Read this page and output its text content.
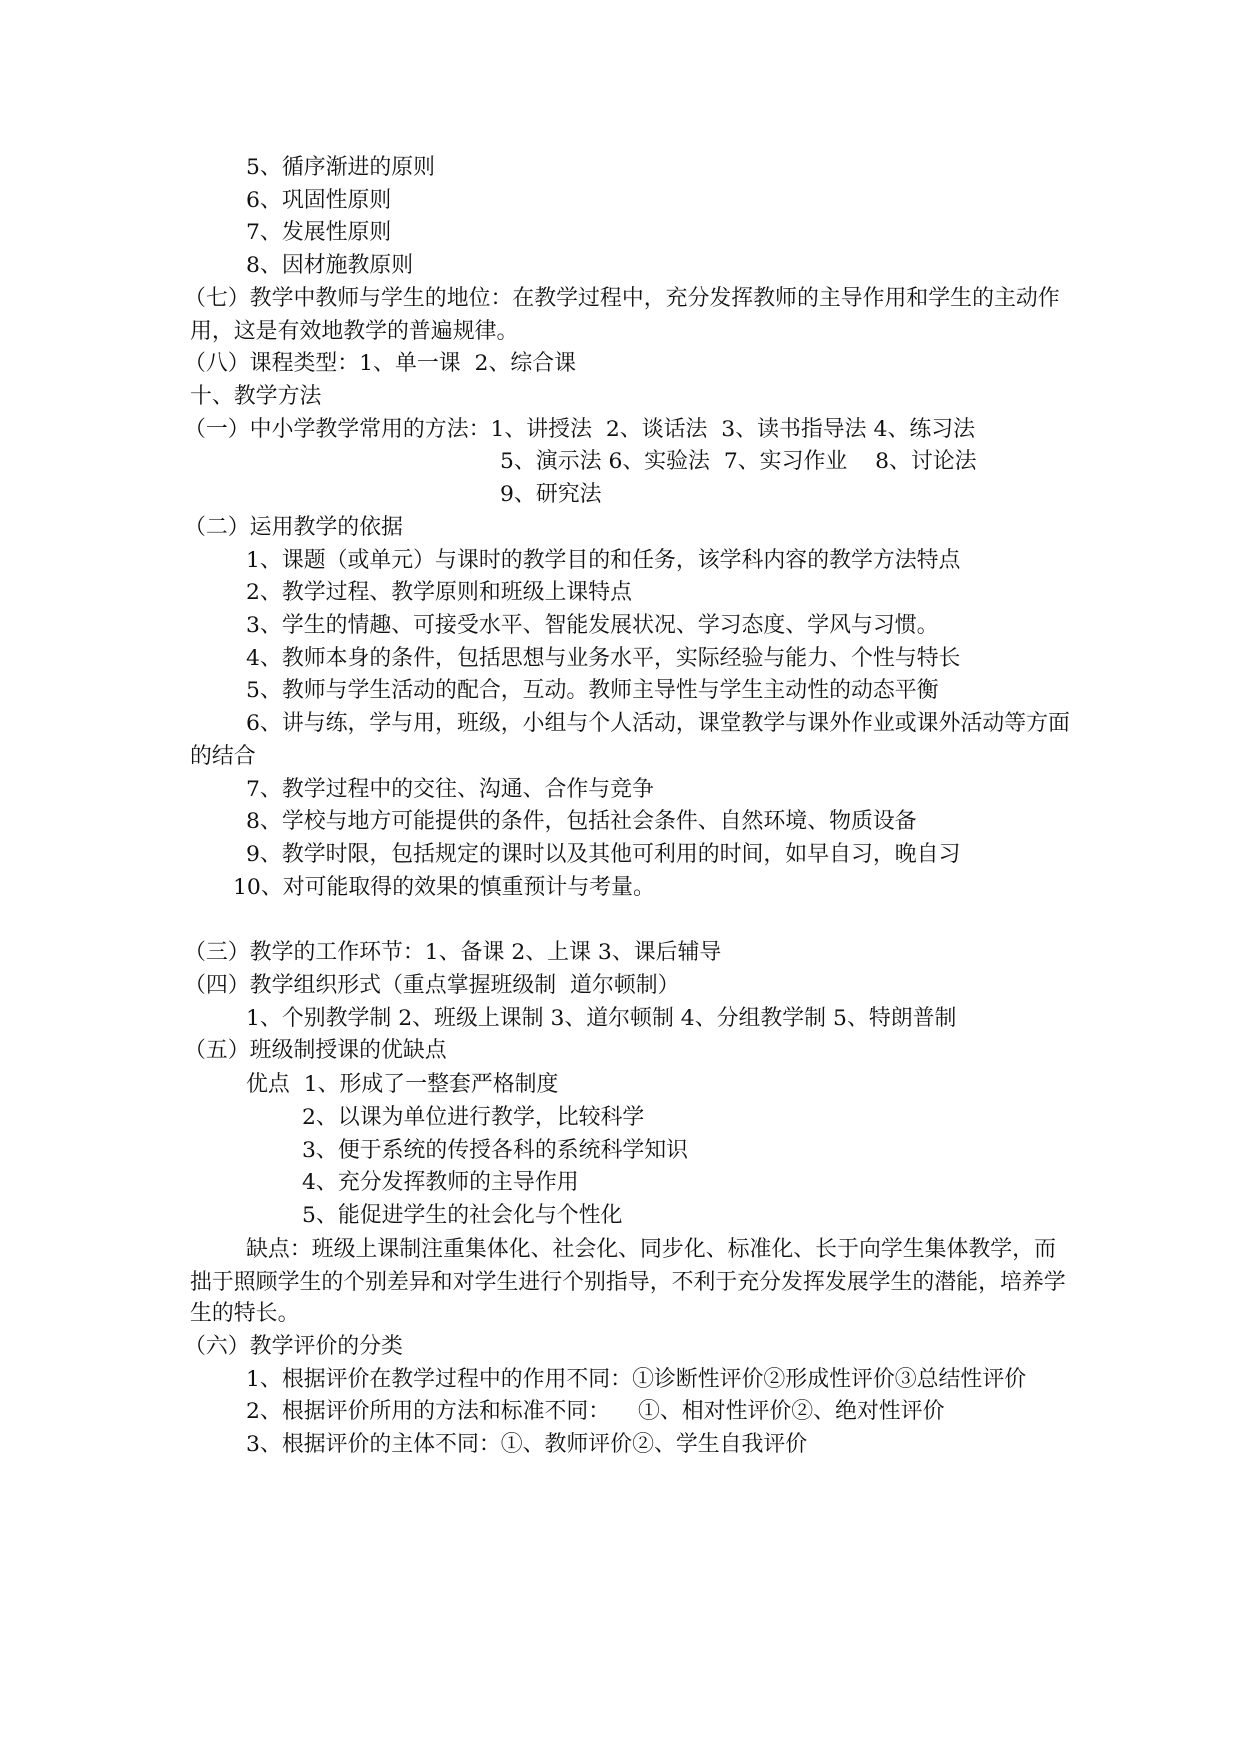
5、循序渐进的原则
6、巩固性原则
7、发展性原则
8、因材施教原则
（七）教学中教师与学生的地位：在教学过程中，充分发挥教师的主导作用和学生的主动作
用，这是有效地教学的普遍规律。
（八）课程类型：1、单一课  2、综合课
十、教学方法
（一）中小学教学常用的方法：1、讲授法  2、谈话法  3、读书指导法 4、练习法
5、演示法 6、实验法  7、实习作业    8、讨论法
9、研究法
（二）运用教学的依据
1、课题（或单元）与课时的教学目的和任务，该学科内容的教学方法特点
2、教学过程、教学原则和班级上课特点
3、学生的情趣、可接受水平、智能发展状况、学习态度、学风与习惯。
4、教师本身的条件，包括思想与业务水平，实际经验与能力、个性与特长
5、教师与学生活动的配合，互动。教师主导性与学生主动性的动态平衡
6、讲与练，学与用，班级，小组与个人活动，课堂教学与课外作业或课外活动等方面
的结合
7、教学过程中的交往、沟通、合作与竞争
8、学校与地方可能提供的条件，包括社会条件、自然环境、物质设备
9、教学时限，包括规定的课时以及其他可利用的时间，如早自习，晚自习
10、对可能取得的效果的慎重预计与考量。
（三）教学的工作环节：1、备课 2、上课 3、课后辅导
（四）教学组织形式（重点掌握班级制  道尔顿制）
1、个别教学制 2、班级上课制 3、道尔顿制 4、分组教学制 5、特朗普制
（五）班级制授课的优缺点
优点  1、形成了一整套严格制度
2、以课为单位进行教学，比较科学
3、便于系统的传授各科的系统科学知识
4、充分发挥教师的主导作用
5、能促进学生的社会化与个性化
缺点：班级上课制注重集体化、社会化、同步化、标准化、长于向学生集体教学，而
拙于照顾学生的个别差异和对学生进行个别指导，不利于充分发挥发展学生的潜能，培养学
生的特长。
（六）教学评价的分类
1、根据评价在教学过程中的作用不同：①诊断性评价②形成性评价③总结性评价
2、根据评价所用的方法和标准不同：    ①、相对性评价②、绝对性评价
3、根据评价的主体不同：①、教师评价②、学生自我评价
